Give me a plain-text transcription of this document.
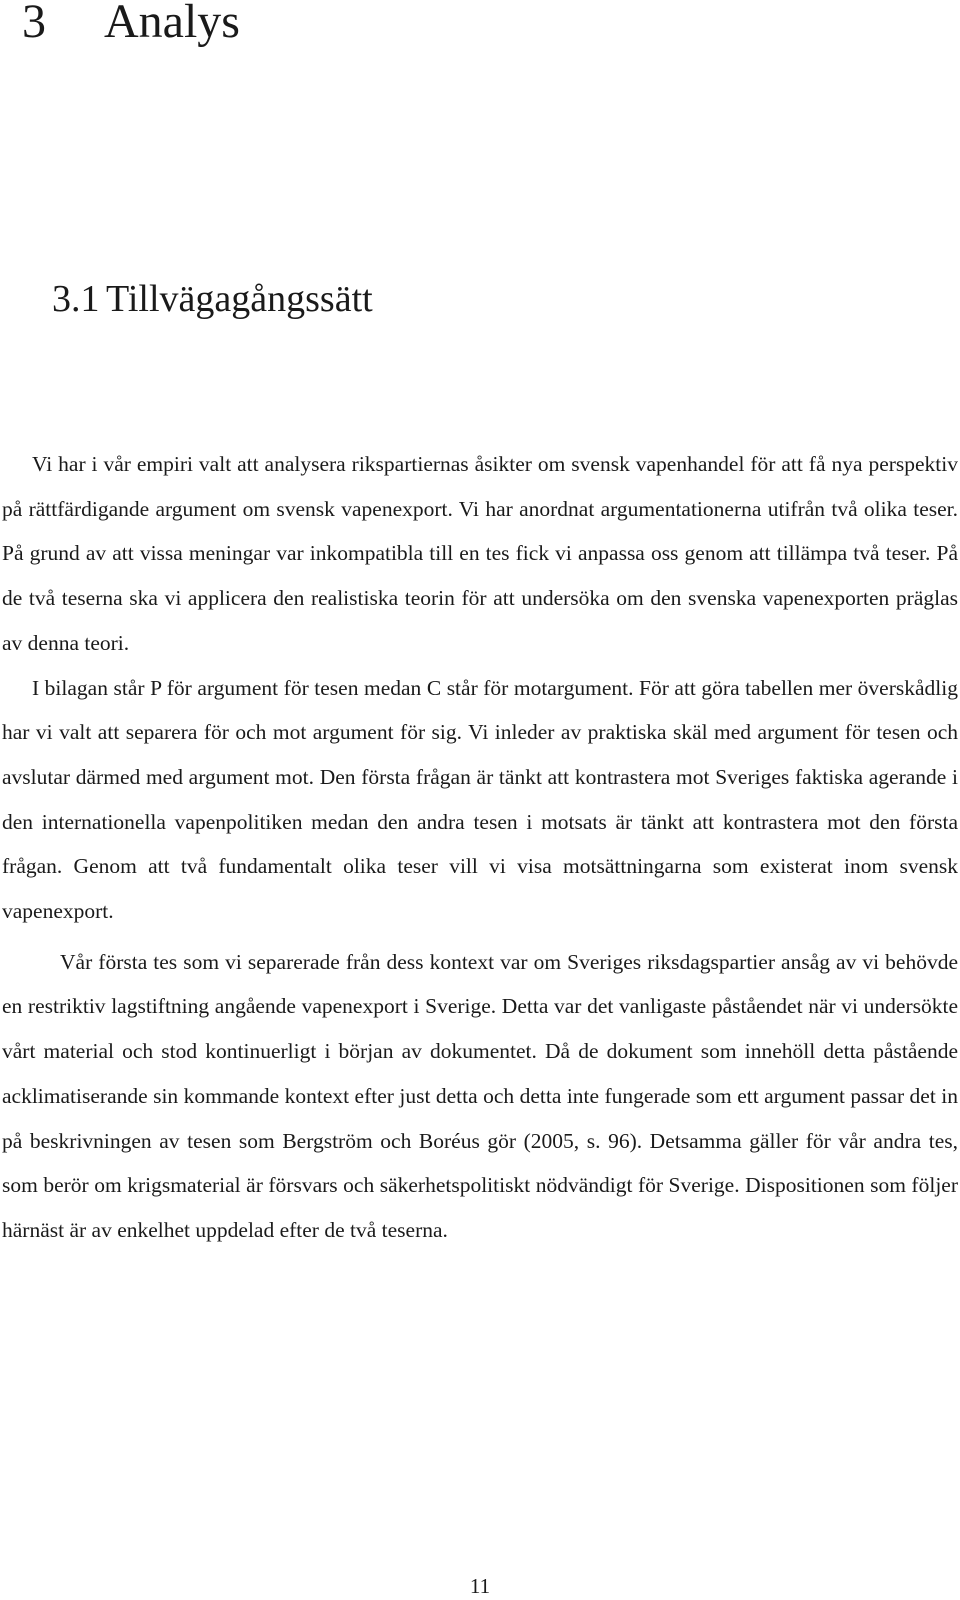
3 Analys
3.1 Tillvägagångssätt

Vi har i vår empiri valt att analysera rikspartiernas åsikter om svensk vapenhandel för att få nya perspektiv på rättfärdigande argument om svensk vapenexport. Vi har anordnat argumentationerna utifrån två olika teser. På grund av att vissa meningar var inkompatibla till en tes fick vi anpassa oss genom att tillämpa två teser. På de två teserna ska vi applicera den realistiska teorin för att undersöka om den svenska vapenexporten präglas av denna teori.

I bilagan står P för argument för tesen medan C står för motargument. För att göra tabellen mer överskådlig har vi valt att separera för och mot argument för sig. Vi inleder av praktiska skäl med argument för tesen och avslutar därmed med argument mot. Den första frågan är tänkt att kontrastera mot Sveriges faktiska agerande i den internationella vapenpolitiken medan den andra tesen i motsats är tänkt att kontrastera mot den första frågan. Genom att två fundamentalt olika teser vill vi visa motsättningarna som existerat inom svensk vapenexport.

Vår första tes som vi separerade från dess kontext var om Sveriges riksdagspartier ansåg av vi behövde en restriktiv lagstiftning angående vapenexport i Sverige. Detta var det vanligaste påståendet när vi undersökte vårt material och stod kontinuerligt i början av dokumentet. Då de dokument som innehöll detta påstående acklimatiserande sin kommande kontext efter just detta och detta inte fungerade som ett argument passar det in på beskrivningen av tesen som Bergström och Boréus gör (2005, s. 96). Detsamma gäller för vår andra tes, som berör om krigsmaterial är försvars och säkerhetspolitiskt nödvändigt för Sverige. Dispositionen som följer härnäst är av enkelhet uppdelad efter de två teserna.

11
